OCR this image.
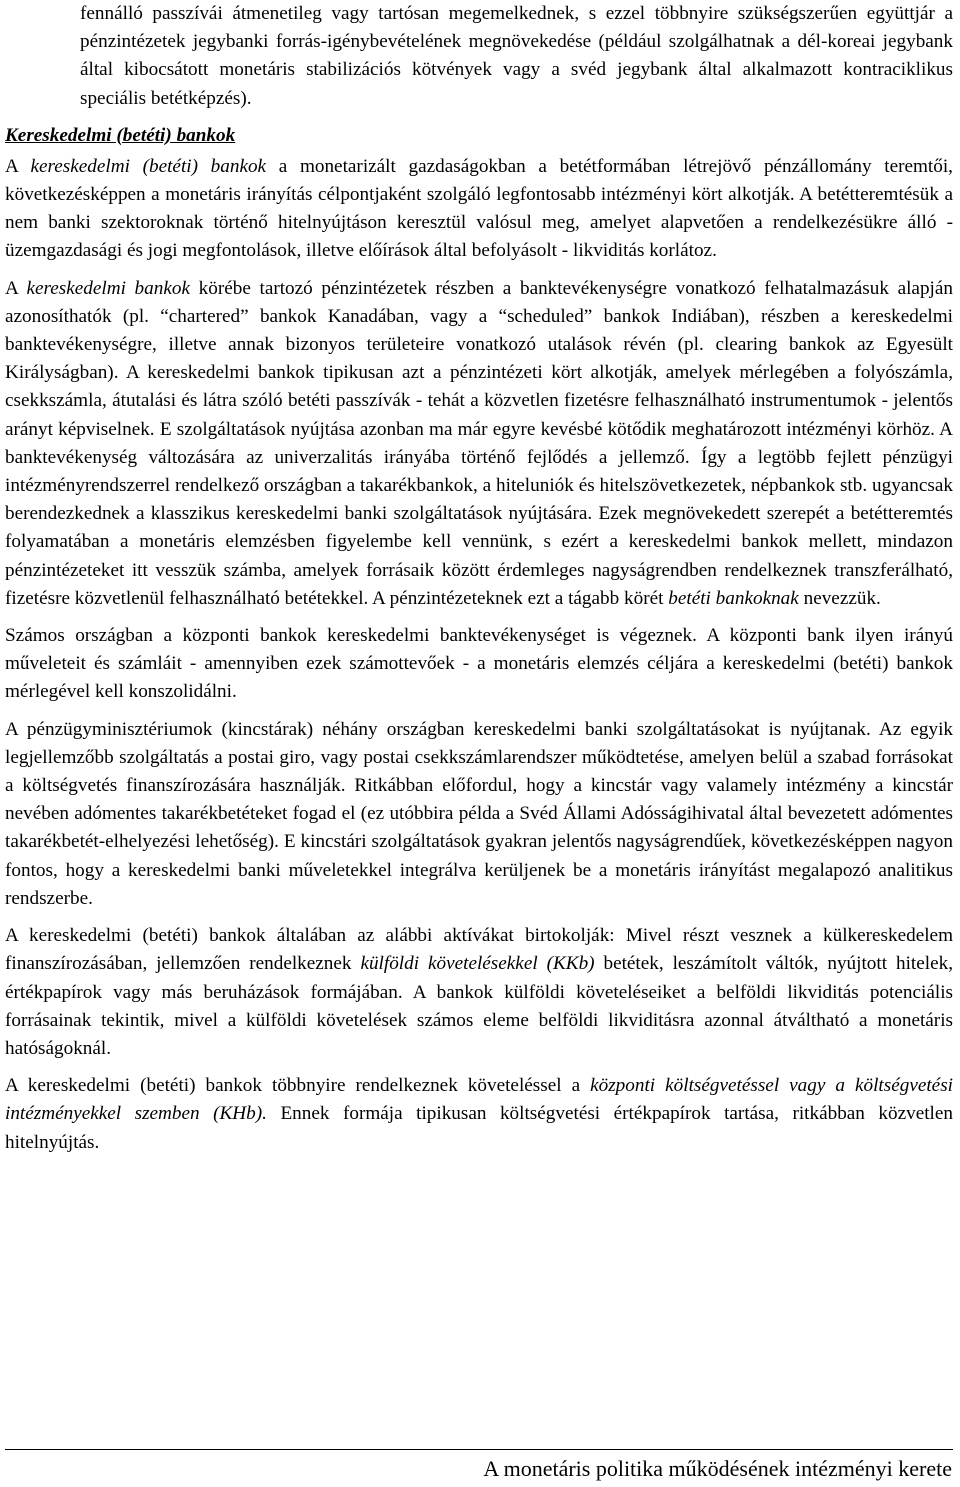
fennálló passzívái átmenetileg vagy tartósan megemelkednek, s ezzel többnyire szükségszerűen együttjár a pénzintézetek jegybanki forrás-igénybevételének megnövekedése (például szolgálhatnak a dél-koreai jegybank által kibocsátott monetáris stabilizációs kötvények vagy a svéd jegybank által alkalmazott kontraciklikus speciális betétképzés).

Kereskedelmi (betéti) bankok

A kereskedelmi (betéti) bankok a monetarizált gazdaságokban a betétformában létrejövő pénzállomány teremtői, következésképpen a monetáris irányítás célpontjaként szolgáló legfontosabb intézményi kört alkotják. A betétteremtésük a nem banki szektoroknak történő hitelnyújtáson keresztül valósul meg, amelyet alapvetően a rendelkezésükre álló - üzemgazdasági és jogi megfontolások, illetve előírások által befolyásolt - likviditás korlátoz.

A kereskedelmi bankok körébe tartozó pénzintézetek részben a banktevékenységre vonatkozó felhatalmazásuk alapján azonosíthatók (pl. “chartered” bankok Kanadában, vagy a “scheduled” bankok Indiában), részben a kereskedelmi banktevékenységre, illetve annak bizonyos területeire vonatkozó utalások révén (pl. clearing bankok az Egyesült Királyságban). A kereskedelmi bankok tipikusan azt a pénzintézeti kört alkotják, amelyek mérlegében a folyószámla, csekkszámla, átutalási és látra szóló betéti passzívák - tehát a közvetlen fizetésre felhasználható instrumentumok - jelentős arányt képviselnek. E szolgáltatások nyújtása azonban ma már egyre kevésbé kötődik meghatározott intézményi körhöz. A banktevékenység változására az univerzalitás irányába történő fejlődés a jellemző. Így a legtöbb fejlett pénzügyi intézményrendszerrel rendelkező országban a takarékbankok, a hiteluniók és hitelszövetkezetek, népbankok stb. ugyancsak berendezkednek a klasszikus kereskedelmi banki szolgáltatások nyújtására. Ezek megnövekedett szerepét a betétteremtés folyamatában a monetáris elemzésben figyelembe kell vennünk, s ezért a kereskedelmi bankok mellett, mindazon pénzintézeteket itt vesszük számba, amelyek forrásaik között érdemleges nagyságrendben rendelkeznek transzferálható, fizetésre közvetlenül felhasználható betétekkel. A pénzintézeteknek ezt a tágabb körét betéti bankoknak nevezzük.

Számos országban a központi bankok kereskedelmi banktevékenységet is végeznek. A központi bank ilyen irányú műveleteit és számláit - amennyiben ezek számottevőek - a monetáris elemzés céljára a kereskedelmi (betéti) bankok mérlegével kell konszolidálni.

A pénzügyminisztériumok (kincstárak) néhány országban kereskedelmi banki szolgáltatásokat is nyújtanak. Az egyik legjellemzőbb szolgáltatás a postai giro, vagy postai csekkszámlarendszer működtetése, amelyen belül a szabad forrásokat a költségvetés finanszírozására használják. Ritkábban előfordul, hogy a kincstár vagy valamely intézmény a kincstár nevében adómentes takarékbetéteket fogad el (ez utóbbira példa a Svéd Állami Adósságihivatal által bevezetett adómentes takarékbetét-elhelyezési lehetőség). E kincstári szolgáltatások gyakran jelentős nagyságrendűek, következésképpen nagyon fontos, hogy a kereskedelmi banki műveletekkel integrálva kerüljenek be a monetáris irányítást megalapozó analitikus rendszerbe.

A kereskedelmi (betéti) bankok általában az alábbi aktívákat birtokolják: Mivel részt vesznek a külkereskedelem finanszírozásában, jellemzően rendelkeznek külföldi követelésekkel (KKb) betétek, leszámítolt váltók, nyújtott hitelek, értékpapírok vagy más beruházások formájában. A bankok külföldi követeléseiket a belföldi likviditás potenciális forrásainak tekintik, mivel a külföldi követelések számos eleme belföldi likviditásra azonnal átváltható a monetáris hatóságoknál.

A kereskedelmi (betéti) bankok többnyire rendelkeznek követeléssel a központi költségvetéssel vagy a költségvetési intézményekkel szemben (KHb). Ennek formája tipikusan költségvetési értékpapírok tartása, ritkábban közvetlen hitelnyújtás.

A monetáris politika működésének intézményi kerete
